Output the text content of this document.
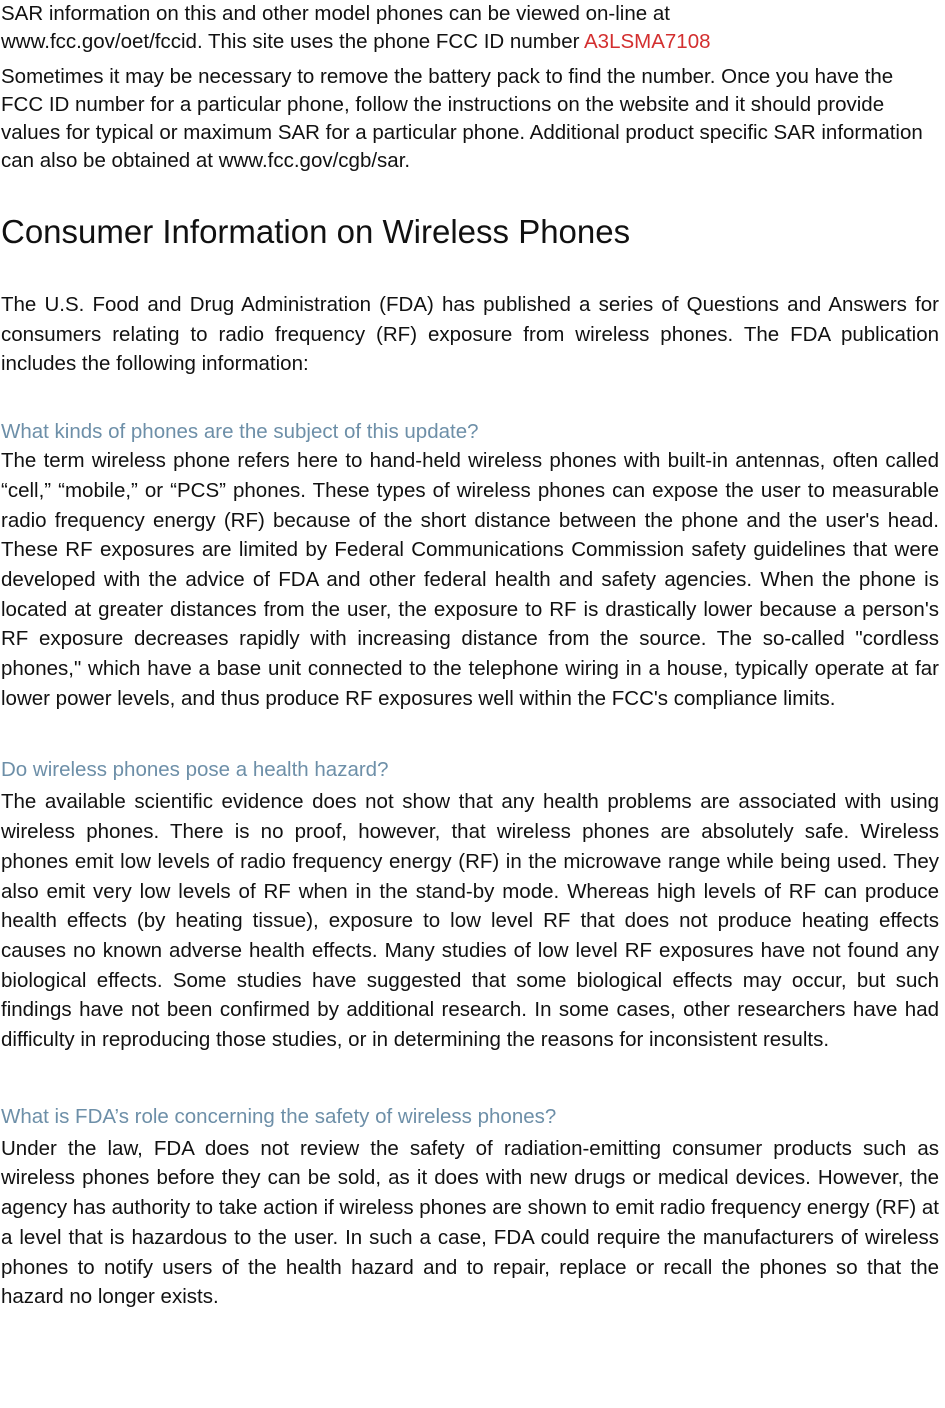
SAR information on this and other model phones can be viewed on-line at

www.fcc.gov/oet/fccid. This site uses the phone FCC ID number A3LSMA7108

Sometimes it may be necessary to remove the battery pack to find the number. Once you have the FCC ID number for a particular phone, follow the instructions on the website and it should provide values for typical or maximum SAR for a particular phone. Additional product specific SAR information can also be obtained at www.fcc.gov/cgb/sar.

Consumer Information on Wireless Phones

The U.S. Food and Drug Administration (FDA) has published a series of Questions and Answers for consumers relating to radio frequency (RF) exposure from wireless phones. The FDA publication includes the following information:

What kinds of phones are the subject of this update?

The term wireless phone refers here to hand-held wireless phones with built-in antennas, often called “cell,” “mobile,” or “PCS” phones. These types of wireless phones can expose the user to measurable radio frequency energy (RF) because of the short distance between the phone and the user's head. These RF exposures are limited by Federal Communications Commission safety guidelines that were developed with the advice of FDA and other federal health and safety agencies. When the phone is located at greater distances from the user, the exposure to RF is drastically lower because a person's RF exposure decreases rapidly with increasing distance from the source. The so-called "cordless phones," which have a base unit connected to the telephone wiring in a house, typically operate at far lower power levels, and thus produce RF exposures well within the FCC's compliance limits.

Do wireless phones pose a health hazard?

The available scientific evidence does not show that any health problems are associated with using wireless phones. There is no proof, however, that wireless phones are absolutely safe. Wireless phones emit low levels of radio frequency energy (RF) in the microwave range while being used. They also emit very low levels of RF when in the stand-by mode. Whereas high levels of RF can produce health effects (by heating tissue), exposure to low level RF that does not produce heating effects causes no known adverse health effects. Many studies of low level RF exposures have not found any biological effects. Some studies have suggested that some biological effects may occur, but such findings have not been confirmed by additional research. In some cases, other researchers have had difficulty in reproducing those studies, or in determining the reasons for inconsistent results.

What is FDA’s role concerning the safety of wireless phones?

Under the law, FDA does not review the safety of radiation-emitting consumer products such as wireless phones before they can be sold, as it does with new drugs or medical devices. However, the agency has authority to take action if wireless phones are shown to emit radio frequency energy (RF) at a level that is hazardous to the user. In such a case, FDA could require the manufacturers of wireless phones to notify users of the health hazard and to repair, replace or recall the phones so that the hazard no longer exists.
